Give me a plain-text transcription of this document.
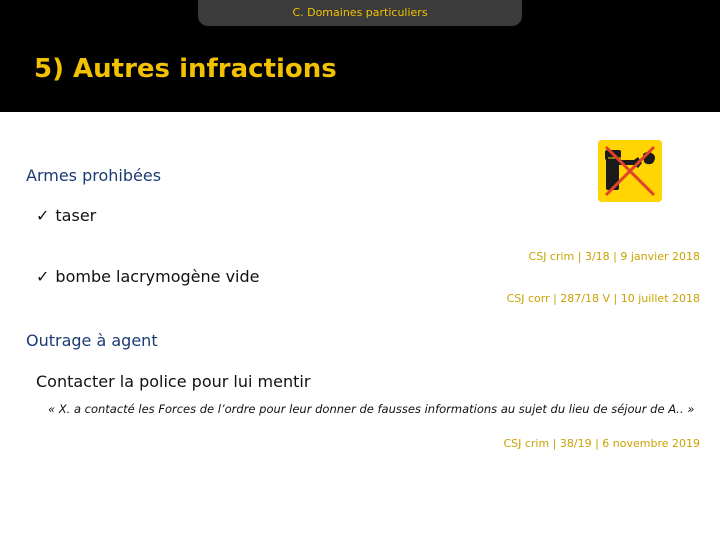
C. Domaines particuliers
5) Autres infractions
Armes prohibées
✓ taser
✓ bombe lacrymogène vide
CSJ crim | 3/18 | 9 janvier 2018
CSJ corr | 287/18 V | 10 juillet 2018
Outrage à agent
Contacter la police pour lui mentir
« X. a contacté les Forces de l’ordre pour leur donner de fausses informations au sujet du lieu de séjour de A.. »
CSJ crim | 38/19 | 6 novembre 2019
